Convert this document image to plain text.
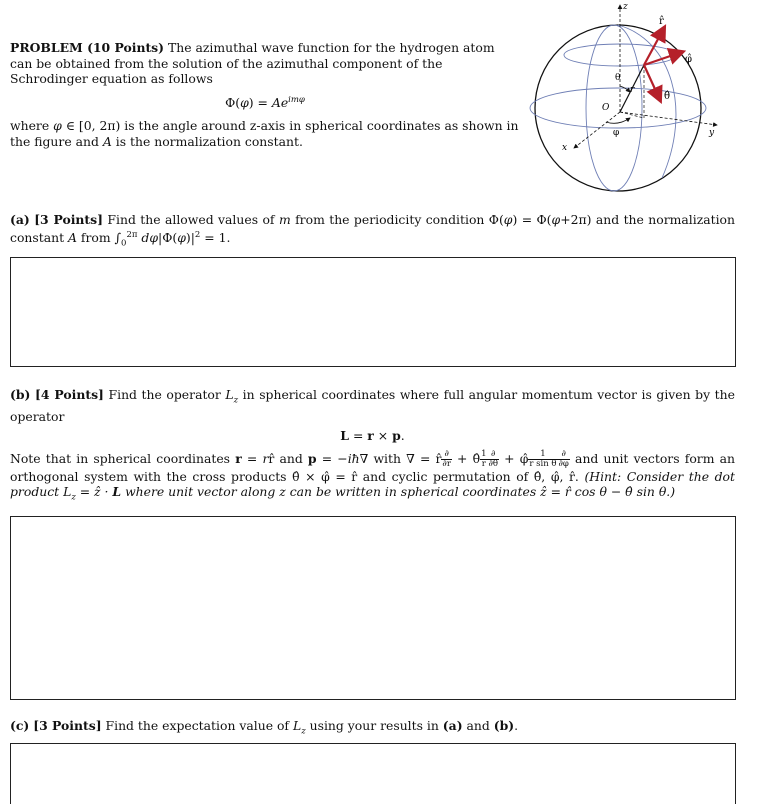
PROBLEM (10 Points) The azimuthal wave function for the hydrogen atom can be obtained from the solution of the azimuthal component of the Schrodinger equation as follows
$\Phi(\varphi) = Ae^{im\varphi}$
where φ ∈ [0, 2π) is the angle around z-axis in spherical coordinates as shown in the figure and A is the normalization constant.
z
y
x
O
r
θ
φ
r̂
φ̂
θ̂
(a) [3 Points] Find the allowed values of m from the periodicity condition Φ(φ) = Φ(φ+2π) and the normalization constant A from $\int_0^{2\pi}$ $d\varphi|\Phi(\varphi)|^2 = 1$.
(b) [4 Points] Find the operator $L_z$ in spherical coordinates where full angular momentum vector is given by the operator
L = r × p.
Note that in spherical coordinates r = rr̂ and p = −iħ∇ with ∇ = r̂ $\frac{\partial}{\partial r}$ + θ̂ $\frac{1}{r} \frac{\partial}{\partial\theta}$ + φ̂ $\frac{1}{\text{r sin θ}} \frac{\partial}{\partial\varphi}$ and unit vectors form an orthogonal system with the cross products θ̂ × φ̂ = r̂ and cyclic permutation of θ̂, φ̂, r̂. (Hint: Consider the dot product $L_z$ = ẑ · L where unit vector along z can be written in spherical coordinates ẑ = r̂ cos θ − θ̂ sin θ.)
(c) [3 Points] Find the expectation value of $L_z$ using your results in (a) and (b).
